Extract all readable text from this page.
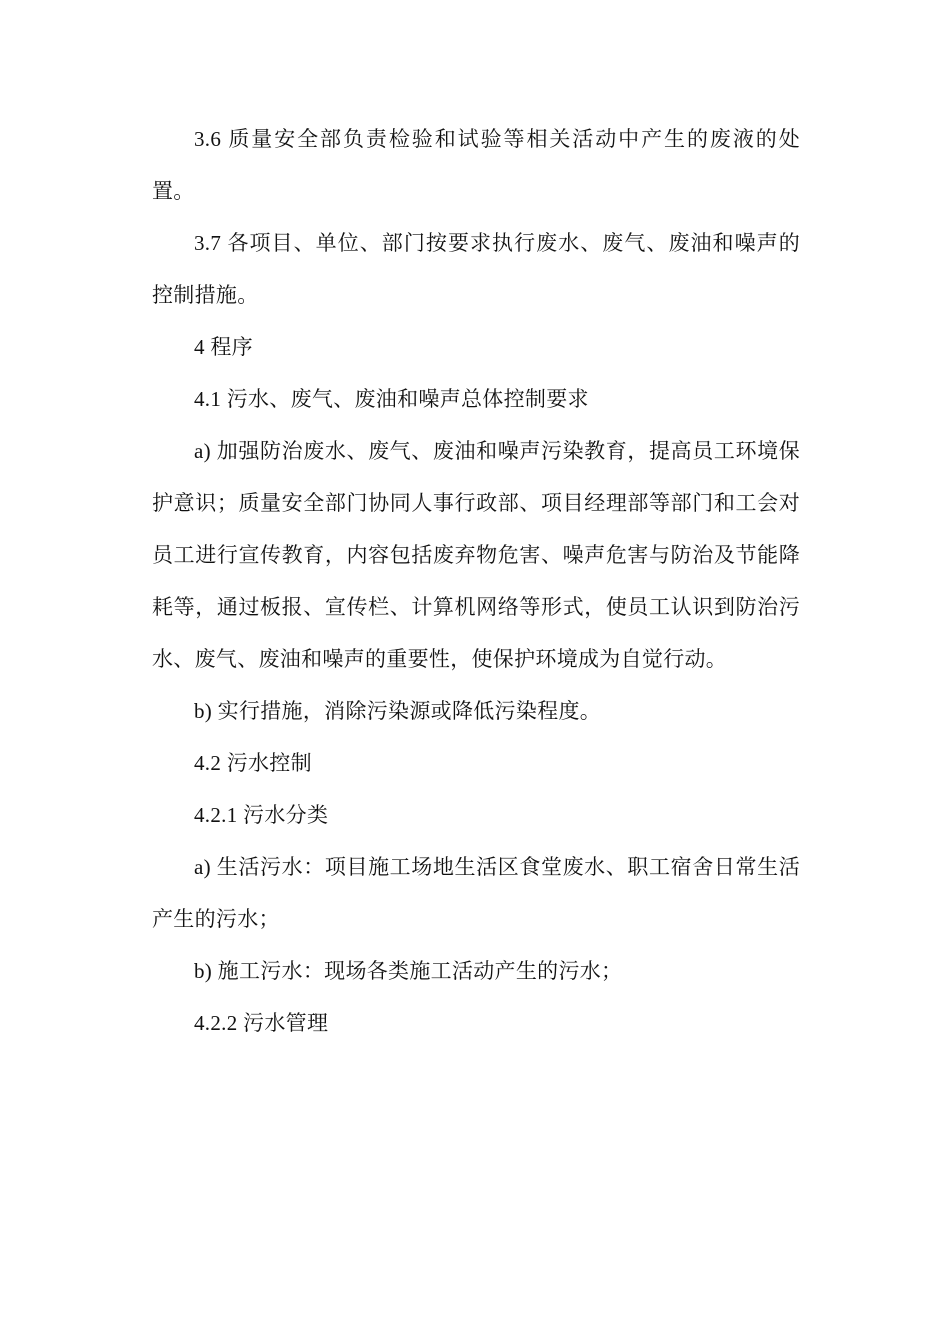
3.6 质量安全部负责检验和试验等相关活动中产生的废液的处置。

3.7 各项目、单位、部门按要求执行废水、废气、废油和噪声的控制措施。

4 程序

4.1 污水、废气、废油和噪声总体控制要求

a) 加强防治废水、废气、废油和噪声污染教育，提高员工环境保护意识；质量安全部门协同人事行政部、项目经理部等部门和工会对员工进行宣传教育，内容包括废弃物危害、噪声危害与防治及节能降耗等，通过板报、宣传栏、计算机网络等形式，使员工认识到防治污水、废气、废油和噪声的重要性，使保护环境成为自觉行动。

b) 实行措施，消除污染源或降低污染程度。

4.2 污水控制

4.2.1 污水分类

a) 生活污水：项目施工场地生活区食堂废水、职工宿舍日常生活产生的污水；

b) 施工污水：现场各类施工活动产生的污水；

4.2.2 污水管理
